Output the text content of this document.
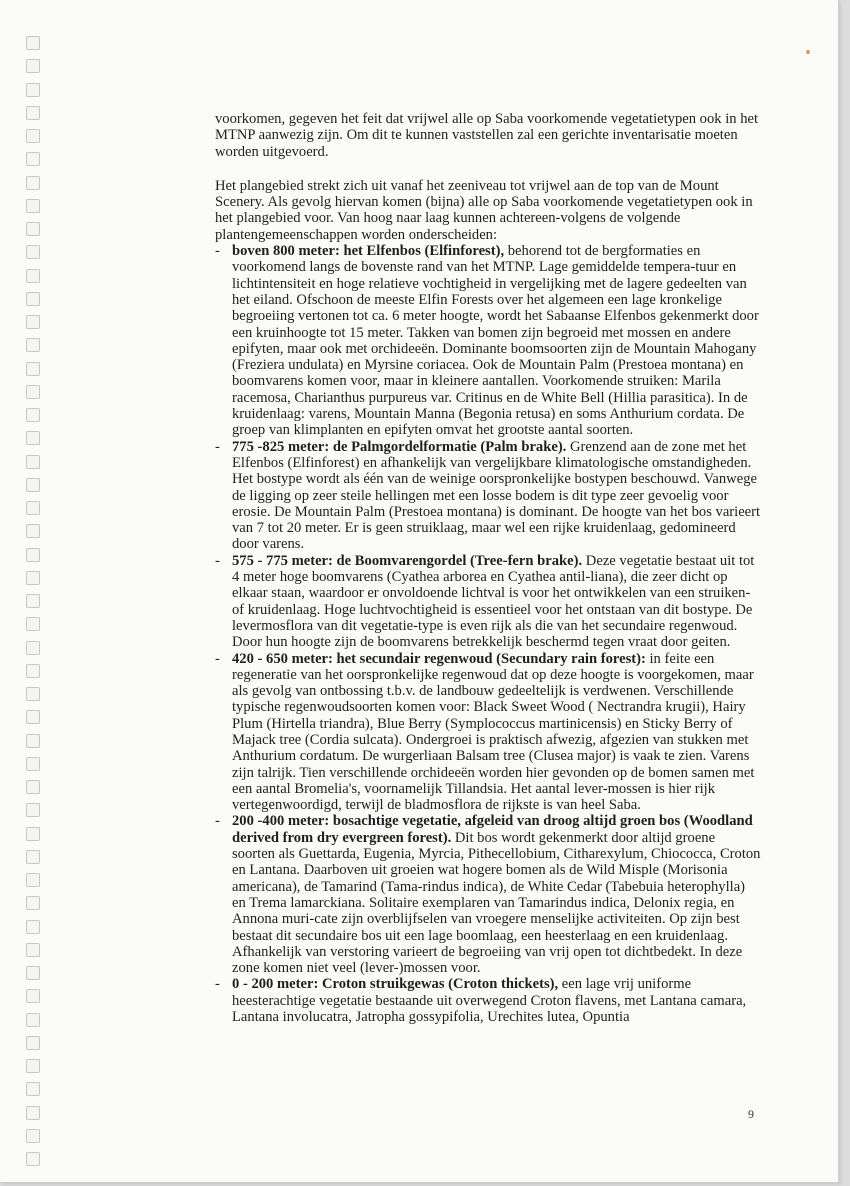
voorkomen, gegeven het feit dat vrijwel alle op Saba voorkomende vegetatietypen ook in het MTNP aanwezig zijn. Om dit te kunnen vaststellen zal een gerichte inventarisatie moeten worden uitgevoerd.

Het plangebied strekt zich uit vanaf het zeeniveau tot vrijwel aan de top van de Mount Scenery. Als gevolg hiervan komen (bijna) alle op Saba voorkomende vegetatietypen ook in het plangebied voor. Van hoog naar laag kunnen achtereen-volgens de volgende plantengemeenschappen worden onderscheiden:

- boven 800 meter: het Elfenbos (Elfinforest), behorend tot de bergformaties en voorkomend langs de bovenste rand van het MTNP. Lage gemiddelde tempera-tuur en lichtintensiteit en hoge relatieve vochtigheid in vergelijking met de lagere gedeelten van het eiland. Ofschoon de meeste Elfin Forests over het algemeen een lage kronkelige begroeiing vertonen tot ca. 6 meter hoogte, wordt het Sabaanse Elfenbos gekenmerkt door een kruinhoogte tot 15 meter. Takken van bomen zijn begroeid met mossen en andere epifyten, maar ook met orchideeën. Dominante boomsoorten zijn de Mountain Mahogany (Freziera undulata) en Myrsine coriacea. Ook de Mountain Palm (Prestoea montana) en boomvarens komen voor, maar in kleinere aantallen. Voorkomende struiken: Marila racemosa, Charianthus purpureus var. Critinus en de White Bell (Hillia parasitica). In de kruidenlaag: varens, Mountain Manna (Begonia retusa) en soms Anthurium cordata. De groep van klimplanten en epifyten omvat het grootste aantal soorten.
- 775 -825 meter: de Palmgordelformatie (Palm brake). Grenzend aan de zone met het Elfenbos (Elfinforest) en afhankelijk van vergelijkbare klimatologische omstandigheden. Het bostype wordt als één van de weinige oorspronkelijke bostypen beschouwd. Vanwege de ligging op zeer steile hellingen met een losse bodem is dit type zeer gevoelig voor erosie. De Mountain Palm (Prestoea montana) is dominant. De hoogte van het bos varieert van 7 tot 20 meter. Er is geen struiklaag, maar wel een rijke kruidenlaag, gedomineerd door varens.
- 575 - 775 meter: de Boomvarengordel (Tree-fern brake). Deze vegetatie bestaat uit tot 4 meter hoge boomvarens (Cyathea arborea en Cyathea antil-liana), die zeer dicht op elkaar staan, waardoor er onvoldoende lichtval is voor het ontwikkelen van een struiken- of kruidenlaag. Hoge luchtvochtigheid is essentieel voor het ontstaan van dit bostype. De levermosflora van dit vegetatie-type is even rijk als die van het secundaire regenwoud. Door hun hoogte zijn de boomvarens betrekkelijk beschermd tegen vraat door geiten.
- 420 - 650 meter: het secundair regenwoud (Secundary rain forest): in feite een regeneratie van het oorspronkelijke regenwoud dat op deze hoogte is voorgekomen, maar als gevolg van ontbossing t.b.v. de landbouw gedeeltelijk is verdwenen. Verschillende typische regenwoudsoorten komen voor: Black Sweet Wood ( Nectrandra krugii), Hairy Plum (Hirtella triandra), Blue Berry (Symplococcus martinicensis) en Sticky Berry of Majack tree (Cordia sulcata). Ondergroei is praktisch afwezig, afgezien van stukken met Anthurium cordatum. De wurgerliaan Balsam tree (Clusea major) is vaak te zien. Varens zijn talrijk. Tien verschillende orchideeën worden hier gevonden op de bomen samen met een aantal Bromelia's, voornamelijk Tillandsia. Het aantal lever-mossen is hier rijk vertegenwoordigd, terwijl de bladmosflora de rijkste is van heel Saba.
- 200 -400 meter: bosachtige vegetatie, afgeleid van droog altijd groen bos (Woodland derived from dry evergreen forest). Dit bos wordt gekenmerkt door altijd groene soorten als Guettarda, Eugenia, Myrcia, Pithecellobium, Citharexylum, Chiococca, Croton en Lantana. Daarboven uit groeien wat hogere bomen als de Wild Misple (Morisonia americana), de Tamarind (Tama-rindus indica), de White Cedar (Tabebuia heterophylla) en Trema lamarckiana. Solitaire exemplaren van Tamarindus indica, Delonix regia, en Annona muri-cate zijn overblijfselen van vroegere menselijke activiteiten. Op zijn best bestaat dit secundaire bos uit een lage boomlaag, een heesterlaag en een kruidenlaag. Afhankelijk van verstoring varieert de begroeiing van vrij open tot dichtbedekt. In deze zone komen niet veel (lever-)mossen voor.
- 0 - 200 meter: Croton struikgewas (Croton thickets), een lage vrij uniforme heesterachtige vegetatie bestaande uit overwegend Croton flavens, met Lantana camara, Lantana involucatra, Jatropha gossypifolia, Urechites lutea, Opuntia
9
